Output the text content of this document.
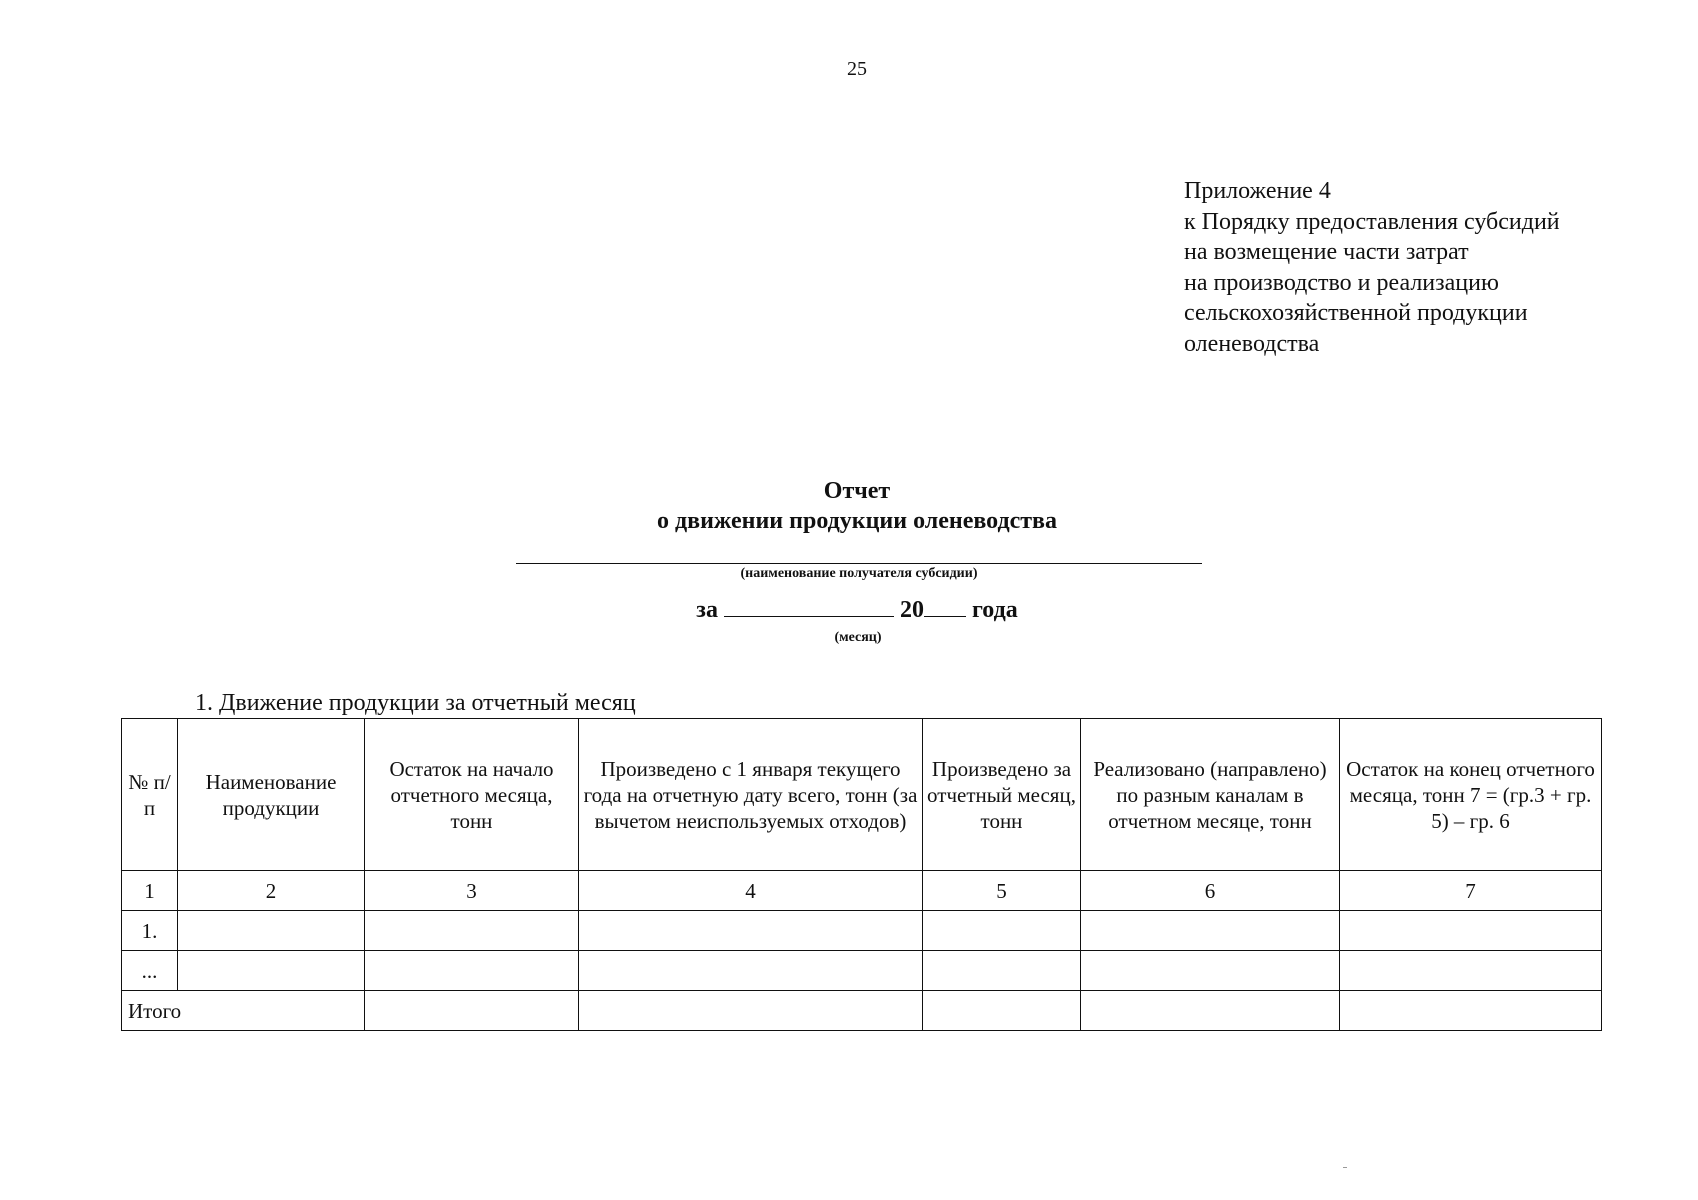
25
Приложение 4
к Порядку предоставления субсидий
на возмещение части затрат
на производство и реализацию
сельскохозяйственной продукции
оленеводства
Отчет
о движении продукции оленеводства
(наименование получателя субсидии)
за	20 года
(месяц)
1. Движение продукции за отчетный месяц
№ п/п	Наименование продукции	Остаток на начало отчетного месяца, тонн	Произведено с 1 января текущего года на отчетную дату всего, тонн (за вычетом неиспользуемых отходов)	Произведено за отчетный месяц, тонн	Реализовано (направлено) по разным каналам в отчетном месяце, тонн	Остаток на конец отчетного месяца, тонн 7 = (гр.3 + гр. 5) – гр. 6
1	2	3	4	5	6	7
1.						
...						
Итого						
